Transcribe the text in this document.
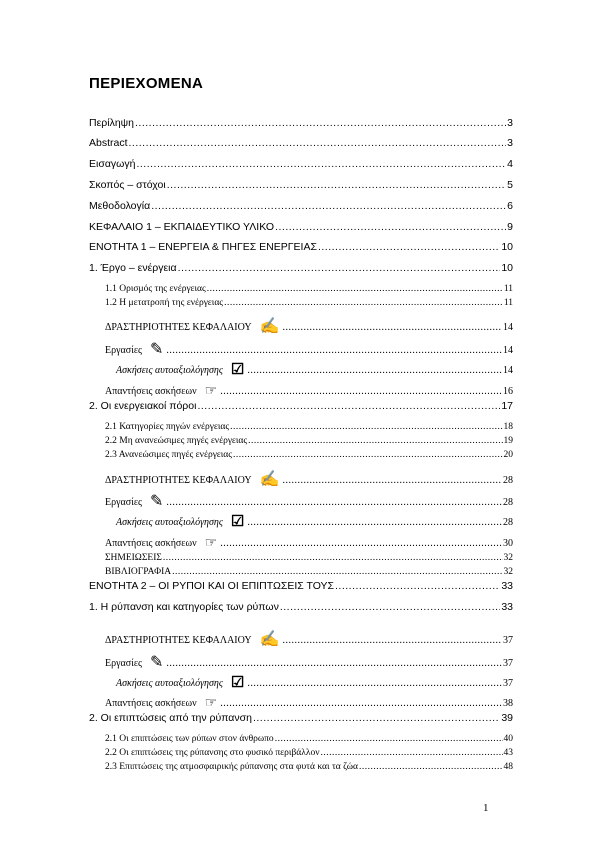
ΠΕΡΙΕΧΟΜΕΝΑ
Περίληψη .....	3
Abstract .....	3
Εισαγωγή .....	4
Σκοπός – στόχοι .....	5
Μεθοδολογία .....	6
ΚΕΦΑΛΑΙΟ 1 – ΕΚΠΑΙΔΕΥΤΙΚΟ ΥΛΙΚΟ .....	9
ΕΝΟΤΗΤΑ 1 – ΕΝΕΡΓΕΙΑ & ΠΗΓΕΣ ΕΝΕΡΓΕΙΑΣ .....	10
1. Έργο – ενέργεια .....	10
1.1 Ορισμός της ενέργειας .....	11
1.2 Η μετατροπή της ενέργειας .....	11
ΔΡΑΣΤΗΡΙΟΤΗΤΕΣ ΚΕΦΑΛΑΙΟΥ ✍ .....	14
Εργασίες ✎ .....	14
Ασκήσεις αυτοαξιολόγησης ☑ .....	14
Απαντήσεις ασκήσεων ☞ .....	16
2. Οι ενεργειακοί πόροι .....	17
2.1 Κατηγορίες πηγών ενέργειας .....	18
2.2 Μη ανανεώσιμες πηγές ενέργειας .....	19
2.3 Ανανεώσιμες πηγές ενέργειας .....	20
ΔΡΑΣΤΗΡΙΟΤΗΤΕΣ ΚΕΦΑΛΑΙΟΥ ✍ .....	28
Εργασίες ✎ .....	28
Ασκήσεις αυτοαξιολόγησης ☑ .....	28
Απαντήσεις ασκήσεων ☞ .....	30
ΣΗΜΕΙΩΣΕΙΣ .....	32
ΒΙΒΛΙΟΓΡΑΦΙΑ .....	32
ΕΝΟΤΗΤΑ 2 – ΟΙ ΡΥΠΟΙ ΚΑΙ ΟΙ ΕΠΙΠΤΩΣΕΙΣ ΤΟΥΣ .....	33
1. Η ρύπανση και κατηγορίες των ρύπων .....	33
ΔΡΑΣΤΗΡΙΟΤΗΤΕΣ ΚΕΦΑΛΑΙΟΥ ✍ .....	37
Εργασίες ✎ .....	37
Ασκήσεις αυτοαξιολόγησης ☑ .....	37
Απαντήσεις ασκήσεων ☞ .....	38
2. Οι επιπτώσεις από την ρύπανση .....	39
2.1 Οι επιπτώσεις των ρύπων στον άνθρωπο .....	40
2.2 Οι επιπτώσεις της ρύπανσης στο φυσικό περιβάλλον .....	43
2.3 Επιπτώσεις της ατμοσφαιρικής ρύπανσης στα φυτά και τα ζώα .....	48
1
